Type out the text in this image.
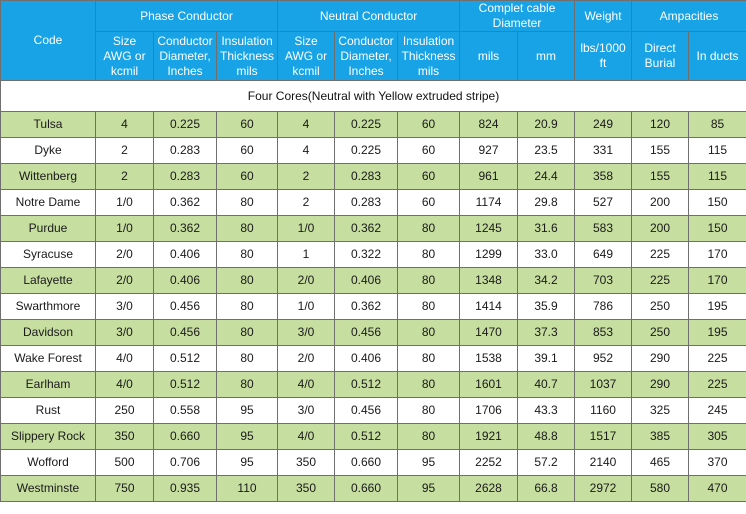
Code	Phase Conductor			Neutral Conductor			Complet cable Diameter		Weight	Ampacities	
	Size AWG or kcmil	Conductor Diameter, Inches	Insulation Thickness mils	Size AWG or kcmil	Conductor Diameter, Inches	Insulation Thickness mils	mils	mm	lbs/1000 ft	Direct Burial	In ducts
Four Cores(Neutral with Yellow extruded stripe)											
Tulsa	4	0.225	60	4	0.225	60	824	20.9	249	120	85
Dyke	2	0.283	60	4	0.225	60	927	23.5	331	155	115
Wittenberg	2	0.283	60	2	0.283	60	961	24.4	358	155	115
Notre Dame	1/0	0.362	80	2	0.283	60	1174	29.8	527	200	150
Purdue	1/0	0.362	80	1/0	0.362	80	1245	31.6	583	200	150
Syracuse	2/0	0.406	80	1	0.322	80	1299	33.0	649	225	170
Lafayette	2/0	0.406	80	2/0	0.406	80	1348	34.2	703	225	170
Swarthmore	3/0	0.456	80	1/0	0.362	80	1414	35.9	786	250	195
Davidson	3/0	0.456	80	3/0	0.456	80	1470	37.3	853	250	195
Wake Forest	4/0	0.512	80	2/0	0.406	80	1538	39.1	952	290	225
Earlham	4/0	0.512	80	4/0	0.512	80	1601	40.7	1037	290	225
Rust	250	0.558	95	3/0	0.456	80	1706	43.3	1160	325	245
Slippery Rock	350	0.660	95	4/0	0.512	80	1921	48.8	1517	385	305
Wofford	500	0.706	95	350	0.660	95	2252	57.2	2140	465	370
Westminste	750	0.935	110	350	0.660	95	2628	66.8	2972	580	470
